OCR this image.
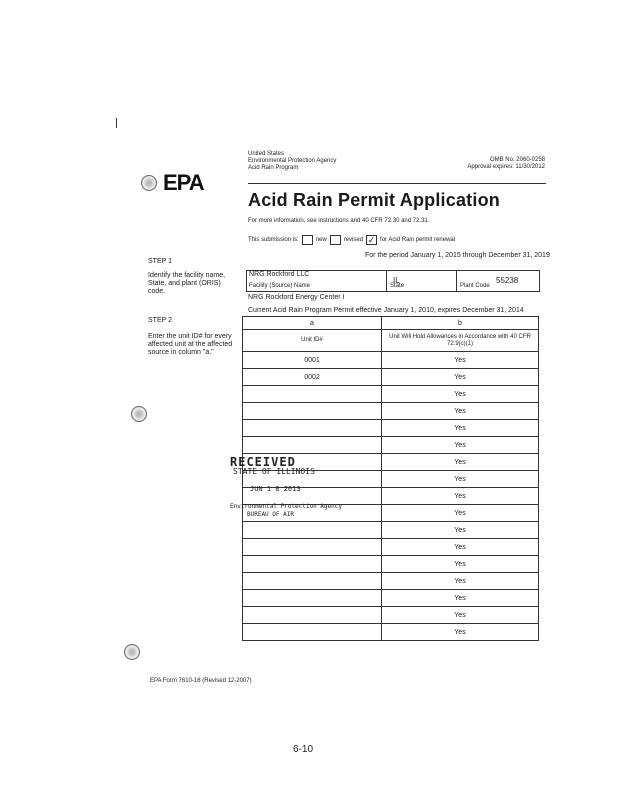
EPA
United States
Environmental Protection Agency
Acid Rain Program
OMB No. 2060-0258
Approval expires: 11/30/2012
Acid Rain Permit Application
For more information, see instructions and 40 CFR 72.30 and 72.31.
This submission is:	new	revised ✓ for Acid Rain permit renewal
For the period January 1, 2015 through December 31, 2019
STEP 1
Identify the facility name, State, and plant (ORIS) code.
NRG Rockford LLC
Facility (Source) Name
IL
State
55238
Plant Code
NRG Rockford Energy Center I
Current Acid Rain Program Permit effective January 1, 2010, expires December 31, 2014
STEP 2
Enter the unit ID# for every affected unit at the affected source in column "a."
a	b
Unit ID#	Unit Will Hold Allowances in Accordance with 40 CFR 72.9(c)(1)
0001	Yes
0002	Yes
	Yes
	Yes
	Yes
	Yes
	Yes
	Yes
	Yes
	Yes
	Yes
	Yes
	Yes
	Yes
	Yes
	Yes
	Yes
RECEIVED
STATE OF ILLINOIS
JUN 1 8 2013
Environmental Protection Agency
BUREAU OF AIR
EPA Form 7610-16 (Revised 12-2007)
6-10
